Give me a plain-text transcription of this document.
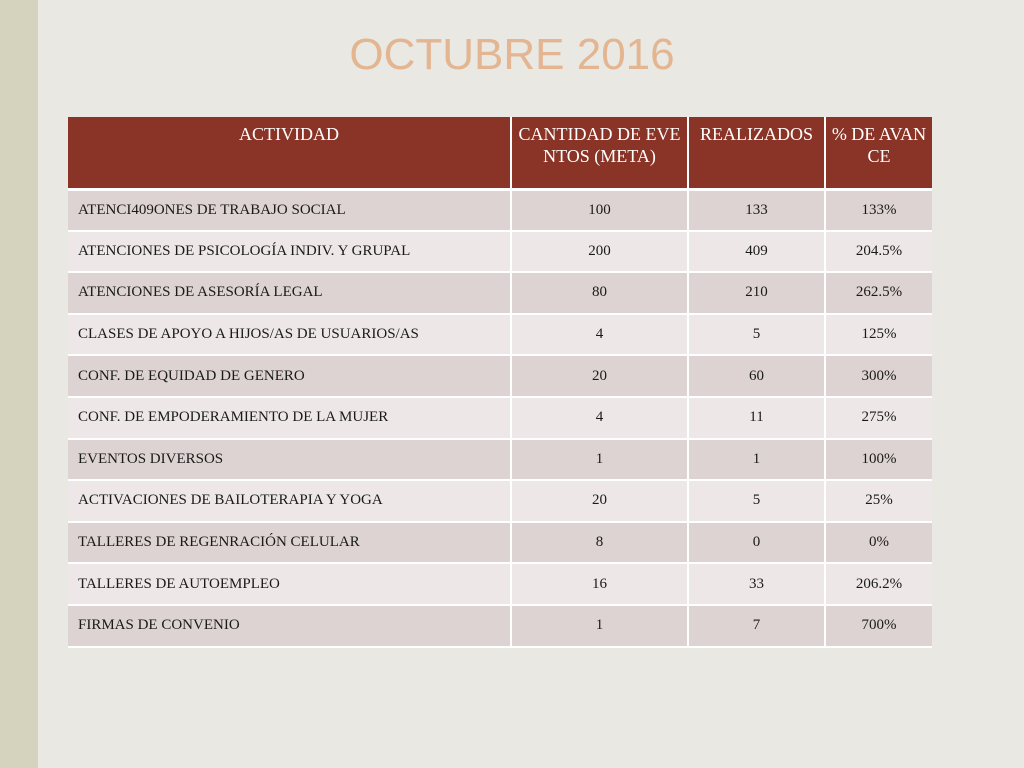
OCTUBRE 2016
ACTIVIDAD	CANTIDAD DE EVENTOS (META)	REALIZADOS	% DE AVANCE
ATENCI409ONES DE TRABAJO SOCIAL	100	133	133%
ATENCIONES DE PSICOLOGÍA INDIV. Y GRUPAL	200	409	204.5%
ATENCIONES DE ASESORÍA LEGAL	80	210	262.5%
CLASES DE APOYO A HIJOS/AS DE USUARIOS/AS	4	5	125%
CONF. DE EQUIDAD DE GENERO	20	60	300%
CONF. DE EMPODERAMIENTO DE LA MUJER	4	11	275%
EVENTOS DIVERSOS	1	1	100%
ACTIVACIONES DE BAILOTERAPIA Y YOGA	20	5	25%
TALLERES DE REGENRACIÓN CELULAR	8	0	0%
TALLERES DE AUTOEMPLEO	16	33	206.2%
FIRMAS DE CONVENIO	1	7	700%
